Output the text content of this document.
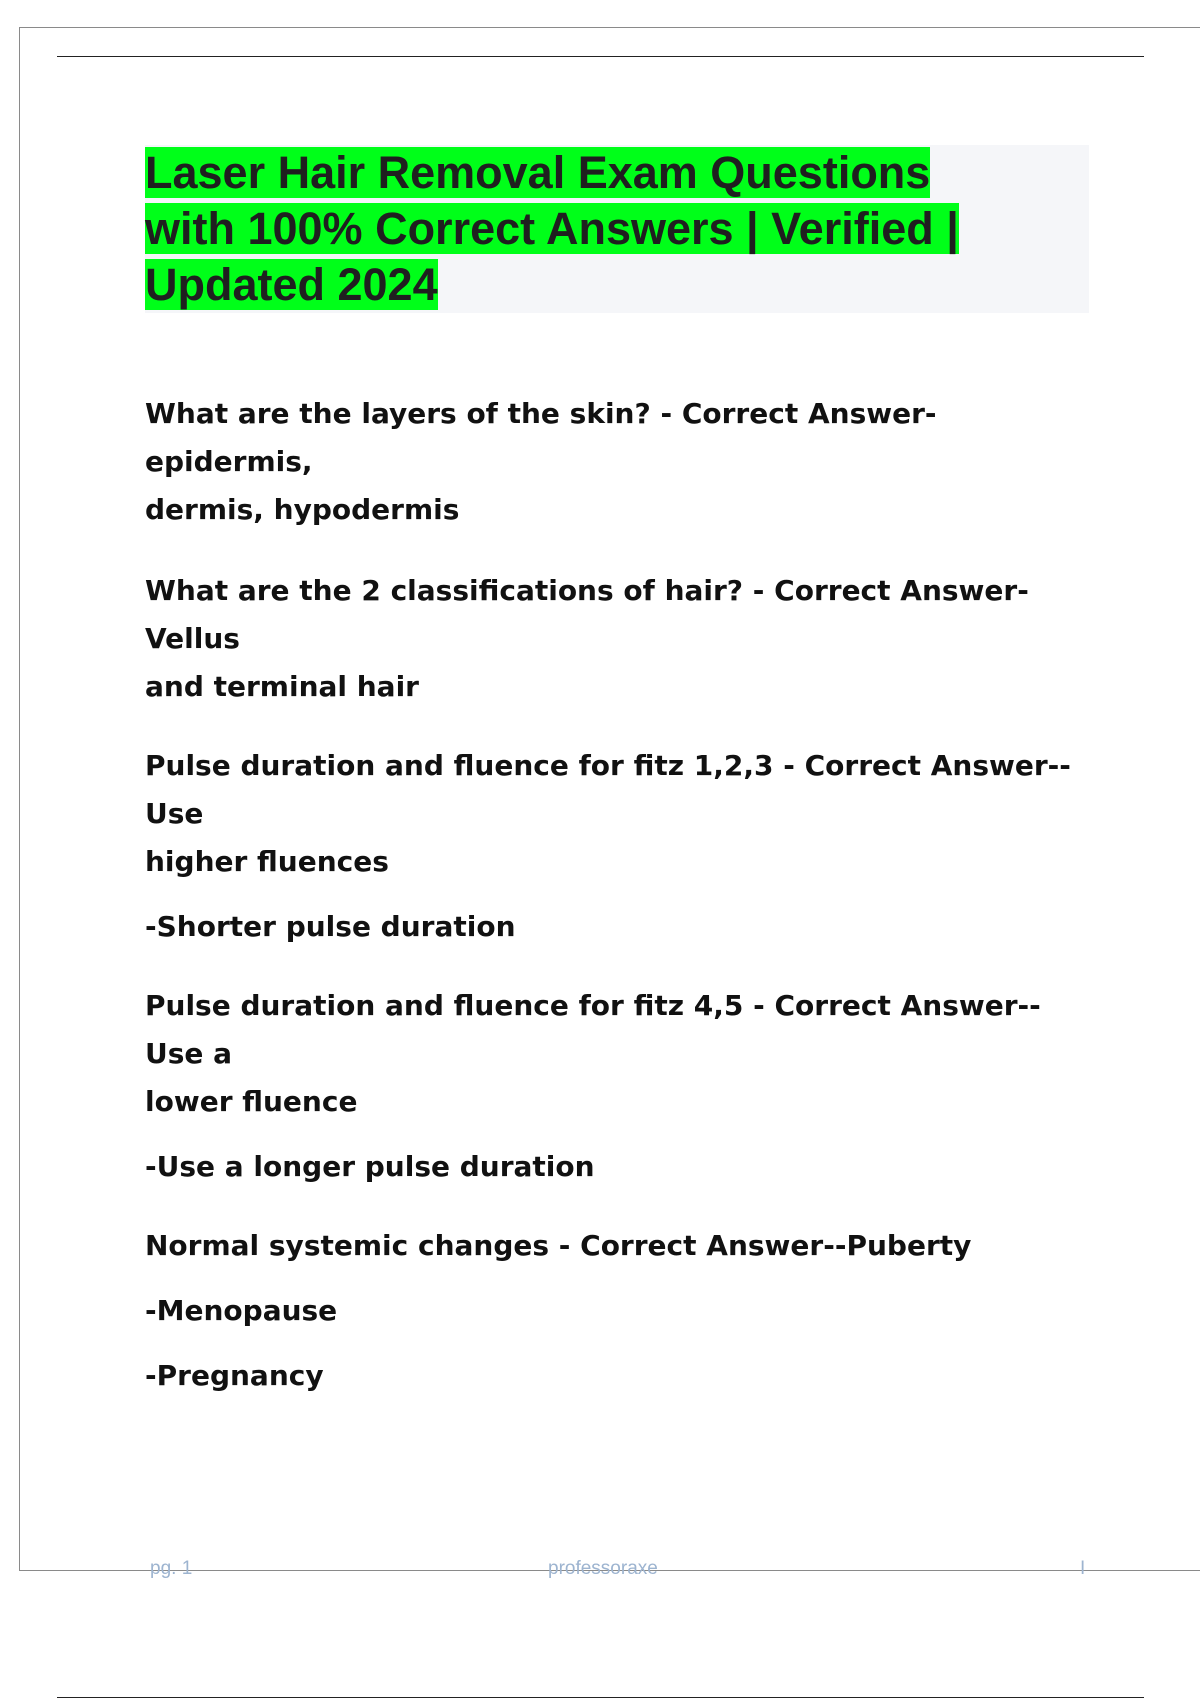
Laser Hair Removal Exam Questions
with 100% Correct Answers | Verified |
Updated 2024

What are the layers of the skin? - Correct Answer-epidermis,

dermis, hypodermis

What are the 2 classifications of hair? - Correct Answer-Vellus

and terminal hair

Pulse duration and fluence for fitz 1,2,3 - Correct Answer--Use

higher fluences

-Shorter pulse duration

Pulse duration and fluence for fitz 4,5 - Correct Answer--Use a

lower fluence

-Use a longer pulse duration

Normal systemic changes - Correct Answer--Puberty

-Menopause

-Pregnancy

pg. 1	professoraxe	I
